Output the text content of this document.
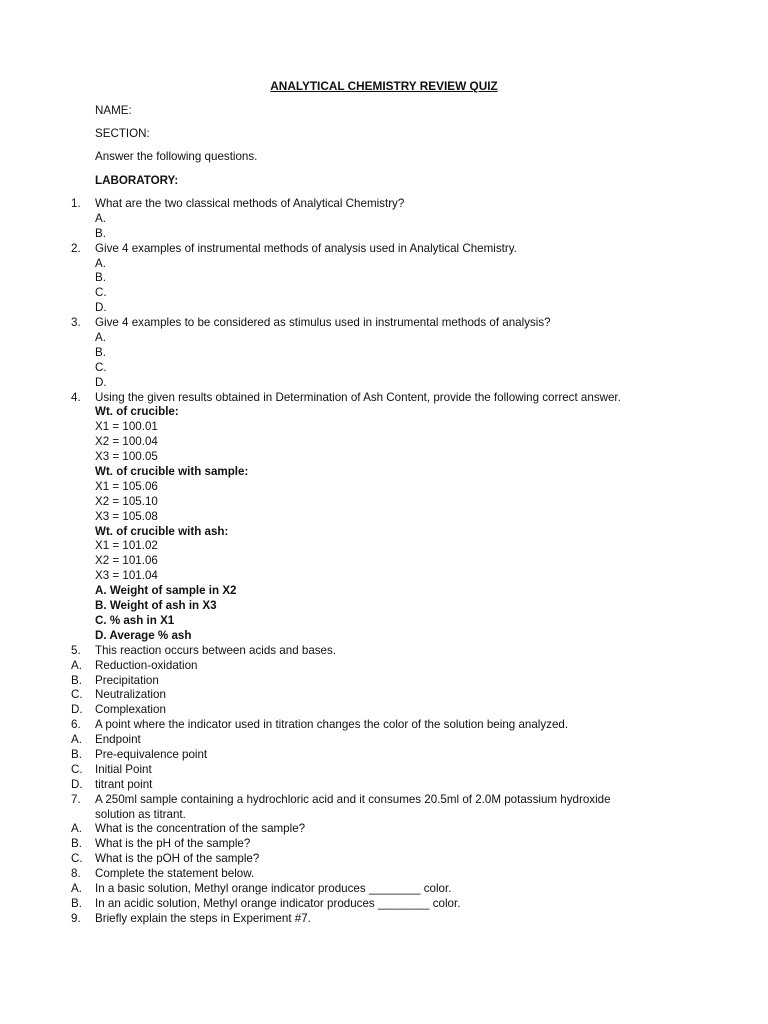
ANALYTICAL CHEMISTRY REVIEW QUIZ
NAME:
SECTION:
Answer the following questions.
LABORATORY:
1.	What are the two classical methods of Analytical Chemistry?
A.
B.
2.	Give 4 examples of instrumental methods of analysis used in Analytical Chemistry.
A.
B.
C.
D.
3.	Give 4 examples to be considered as stimulus used in instrumental methods of analysis?
A.
B.
C.
D.
4.	Using the given results obtained in Determination of Ash Content, provide the following correct answer.
Wt. of crucible:
X1 = 100.01
X2 = 100.04
X3 = 100.05
Wt. of crucible with sample:
X1 = 105.06
X2 = 105.10
X3 = 105.08
Wt. of crucible with ash:
X1 = 101.02
X2 = 101.06
X3 = 101.04
A. Weight of sample in X2
B. Weight of ash in X3
C. % ash in X1
D. Average % ash
5.	This reaction occurs between acids and bases.
A.	Reduction-oxidation
B.	Precipitation
C.	Neutralization
D.	Complexation
6.	A point where the indicator used in titration changes the color of the solution being analyzed.
A.	Endpoint
B.	Pre-equivalence point
C.	Initial Point
D.	titrant point
7.	A 250ml sample containing a hydrochloric acid and it consumes 20.5ml of 2.0M potassium hydroxide
solution as titrant.
A.	What is the concentration of the sample?
B.	What is the pH of the sample?
C.	What is the pOH of the sample?
8.	Complete the statement below.
A.	In a basic solution, Methyl orange indicator produces ________ color.
B.	In an acidic solution, Methyl orange indicator produces ________ color.
9.	Briefly explain the steps in Experiment #7.
